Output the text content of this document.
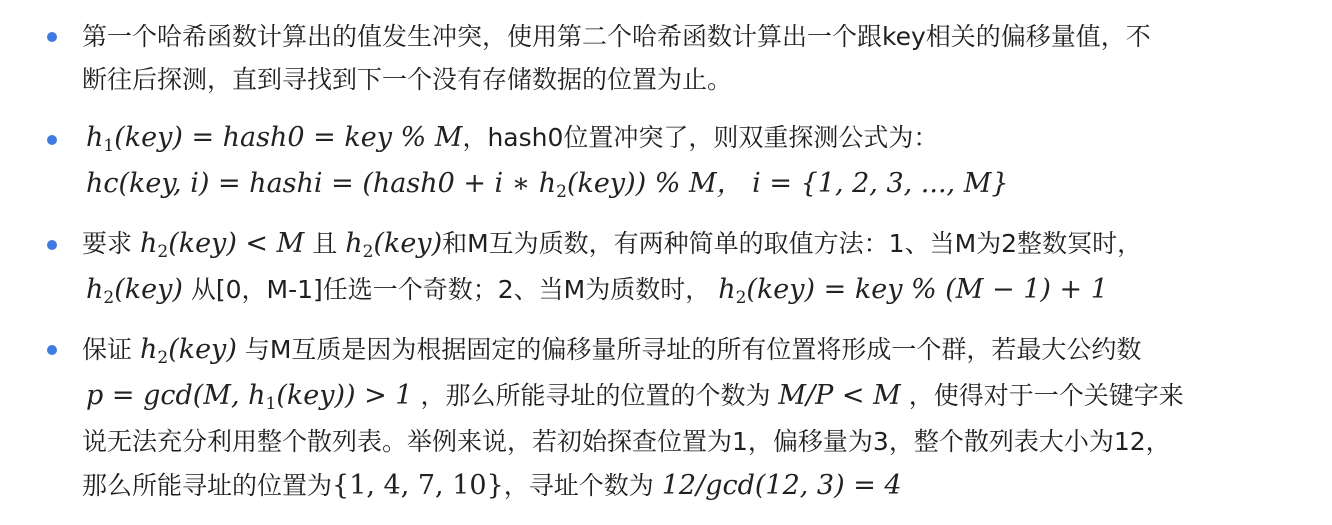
第一个哈希函数计算出的值发生冲突，使用第二个哈希函数计算出一个跟key相关的偏移量值，不
断往后探测，直到寻找到下一个没有存储数据的位置为止。
$h_1(key)$ = hash0 = key % M，hash0位置冲突了，则双重探测公式为：
hc(key, i) = hashi = (hash0 + i ∗ $h_2(key)$) % M， i = {1, 2, 3, ..., M}
要求 $h_2(key) < M$ 且 $h_2(key)$和M互为质数，有两种简单的取值方法：1、当M为2整数冥时，
$h_2(key)$ 从[0，M-1]任选一个奇数；2、当M为质数时， $h_2(key)$ = key % (M − 1) + 1
保证 $h_2(key)$ 与M互质是因为根据固定的偏移量所寻址的所有位置将形成一个群，若最大公约数
p = gcd(M, $h_1(key)) > 1$ ，那么所能寻址的位置的个数为 M/P < M ，使得对于一个关键字来
说无法充分利用整个散列表。举例来说，若初始探查位置为1，偏移量为3，整个散列表大小为12，
那么所能寻址的位置为{1, 4, 7, 10}，寻址个数为 12/gcd(12, 3) = 4
